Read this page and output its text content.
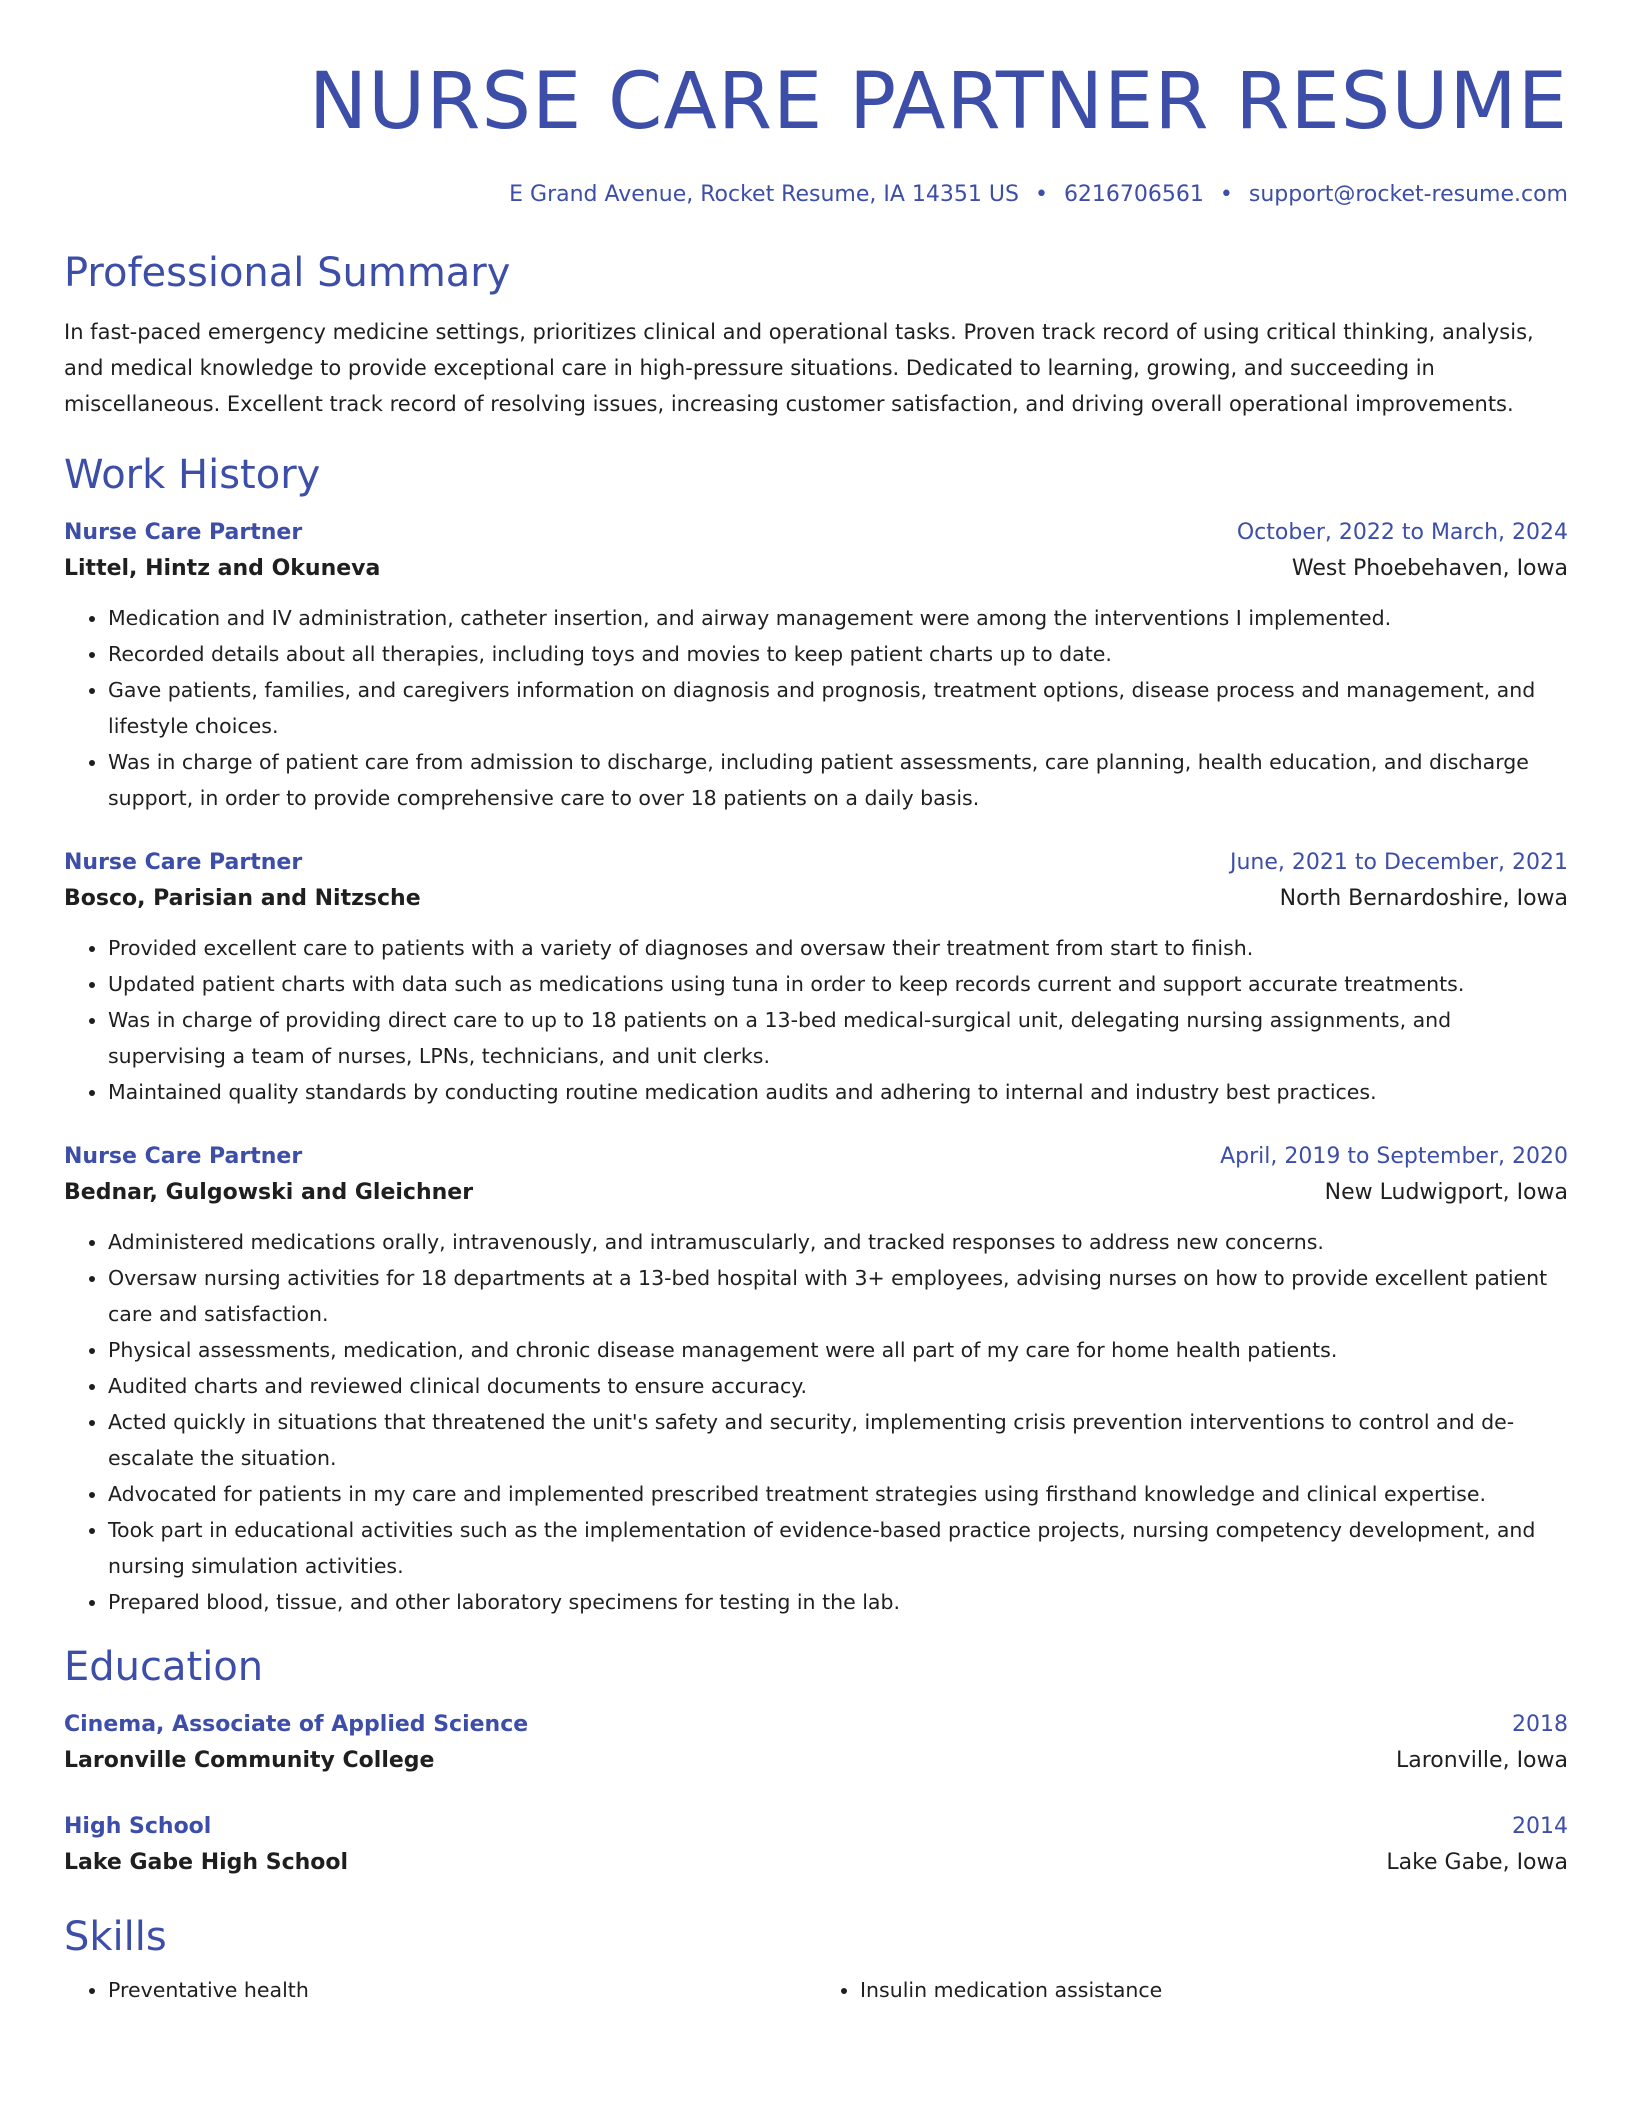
NURSE CARE PARTNER RESUME
E Grand Avenue, Rocket Resume, IA 14351 US • 6216706561 • support@rocket-resume.com
Professional Summary

In fast-paced emergency medicine settings, prioritizes clinical and operational tasks. Proven track record of using critical thinking, analysis, and medical knowledge to provide exceptional care in high-pressure situations. Dedicated to learning, growing, and succeeding in miscellaneous. Excellent track record of resolving issues, increasing customer satisfaction, and driving overall operational improvements.

Work History
Nurse Care Partner	October, 2022 to March, 2024
Littel, Hintz and Okuneva	West Phoebehaven, Iowa
• Medication and IV administration, catheter insertion, and airway management were among the interventions I implemented.
• Recorded details about all therapies, including toys and movies to keep patient charts up to date.
• Gave patients, families, and caregivers information on diagnosis and prognosis, treatment options, disease process and management, and lifestyle choices.
• Was in charge of patient care from admission to discharge, including patient assessments, care planning, health education, and discharge support, in order to provide comprehensive care to over 18 patients on a daily basis.
Nurse Care Partner	June, 2021 to December, 2021
Bosco, Parisian and Nitzsche	North Bernardoshire, Iowa
• Provided excellent care to patients with a variety of diagnoses and oversaw their treatment from start to finish.
• Updated patient charts with data such as medications using tuna in order to keep records current and support accurate treatments.
• Was in charge of providing direct care to up to 18 patients on a 13-bed medical-surgical unit, delegating nursing assignments, and supervising a team of nurses, LPNs, technicians, and unit clerks.
• Maintained quality standards by conducting routine medication audits and adhering to internal and industry best practices.
Nurse Care Partner	April, 2019 to September, 2020
Bednar, Gulgowski and Gleichner	New Ludwigport, Iowa
• Administered medications orally, intravenously, and intramuscularly, and tracked responses to address new concerns.
• Oversaw nursing activities for 18 departments at a 13-bed hospital with 3+ employees, advising nurses on how to provide excellent patient care and satisfaction.
• Physical assessments, medication, and chronic disease management were all part of my care for home health patients.
• Audited charts and reviewed clinical documents to ensure accuracy.
• Acted quickly in situations that threatened the unit's safety and security, implementing crisis prevention interventions to control and de-escalate the situation.
• Advocated for patients in my care and implemented prescribed treatment strategies using firsthand knowledge and clinical expertise.
• Took part in educational activities such as the implementation of evidence-based practice projects, nursing competency development, and nursing simulation activities.
• Prepared blood, tissue, and other laboratory specimens for testing in the lab.
Education
Cinema, Associate of Applied Science	2018
Laronville Community College	Laronville, Iowa
High School	2014
Lake Gabe High School	Lake Gabe, Iowa
Skills
• Preventative health
•	Insulin medication assistance
